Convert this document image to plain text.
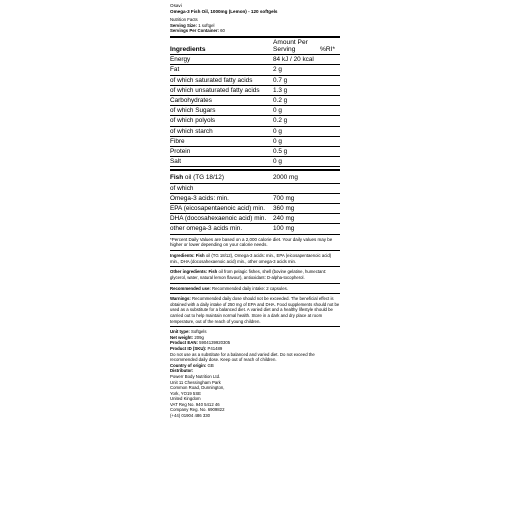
Osavi
Omega-3 Fish Oil, 1000mg (Lemon) - 120 softgels
Nutrition Facts
Serving Size: 1 softgel
Servings Per Container: 60
Ingredients	Amount Per Serving	%RI*
Energy	84 kJ / 20 kcal	
Fat	2 g	
of which saturated fatty acids	0.7 g	
of which unsaturated fatty acids	1.3 g	
Carbohydrates	0.2 g	
of which Sugars	0 g	
of which polyols	0.2 g	
of which starch	0 g	
Fibre	0 g	
Protein	0.5 g	
Salt	0 g	
Fish oil (TG 18/12)	2000 mg	
of which		
Omega-3 acids: min.	700 mg	
EPA (eicosapentaenoic acid) min.	360 mg	
DHA (docosahexaenoic acid) min.	240 mg	
other omega-3 acids min.	100 mg	
*Percent Daily Values are based on a 2,000 calorie diet. Your daily values may be higher or lower depending on your calorie needs.
Ingredients: Fish oil (TG 18/12), Omega-3 acids: min., EPA (eicosapentaenoic acid) min., DHA (docosahexaenoic acid) min., other omega-3 acids min.
Other ingredients: Fish oil from pelagic fishes, shell (bovine gelatine, humectant: glycerol, water, natural lemon flavour), antioxidant: D-alpha-tocopherol.
Recommended use: Recommended daily intake: 2 capsules.
Warnings: Recommended daily dose should not be exceeded. The beneficial effect is obtained with a daily intake of 250 mg of EPA and DHA. Food supplements should not be used as a substitute for a balanced diet. A varied diet and a healthy lifestyle should be carried out to help maintain normal health. Store in a dark and dry place at room temperature, out of the reach of young children.
Unit type: Softgels
Net weight: 209g
Product EAN: 5904139920305
Product ID (SKU): P41489
Do not use as a substitute for a balanced and varied diet. Do not exceed the recommended daily dose. Keep out of reach of children.
Country of origin: GB
Distributor:
Powerr Body Nutrition Ltd.
Unit 11 Chessingham Park
Common Road, Dunnington,
York, YO19 5SE
United Kingdom
VAT Reg No. 940 5412 46
Company Reg. No. 6909822
(+44) 01904 486 330
